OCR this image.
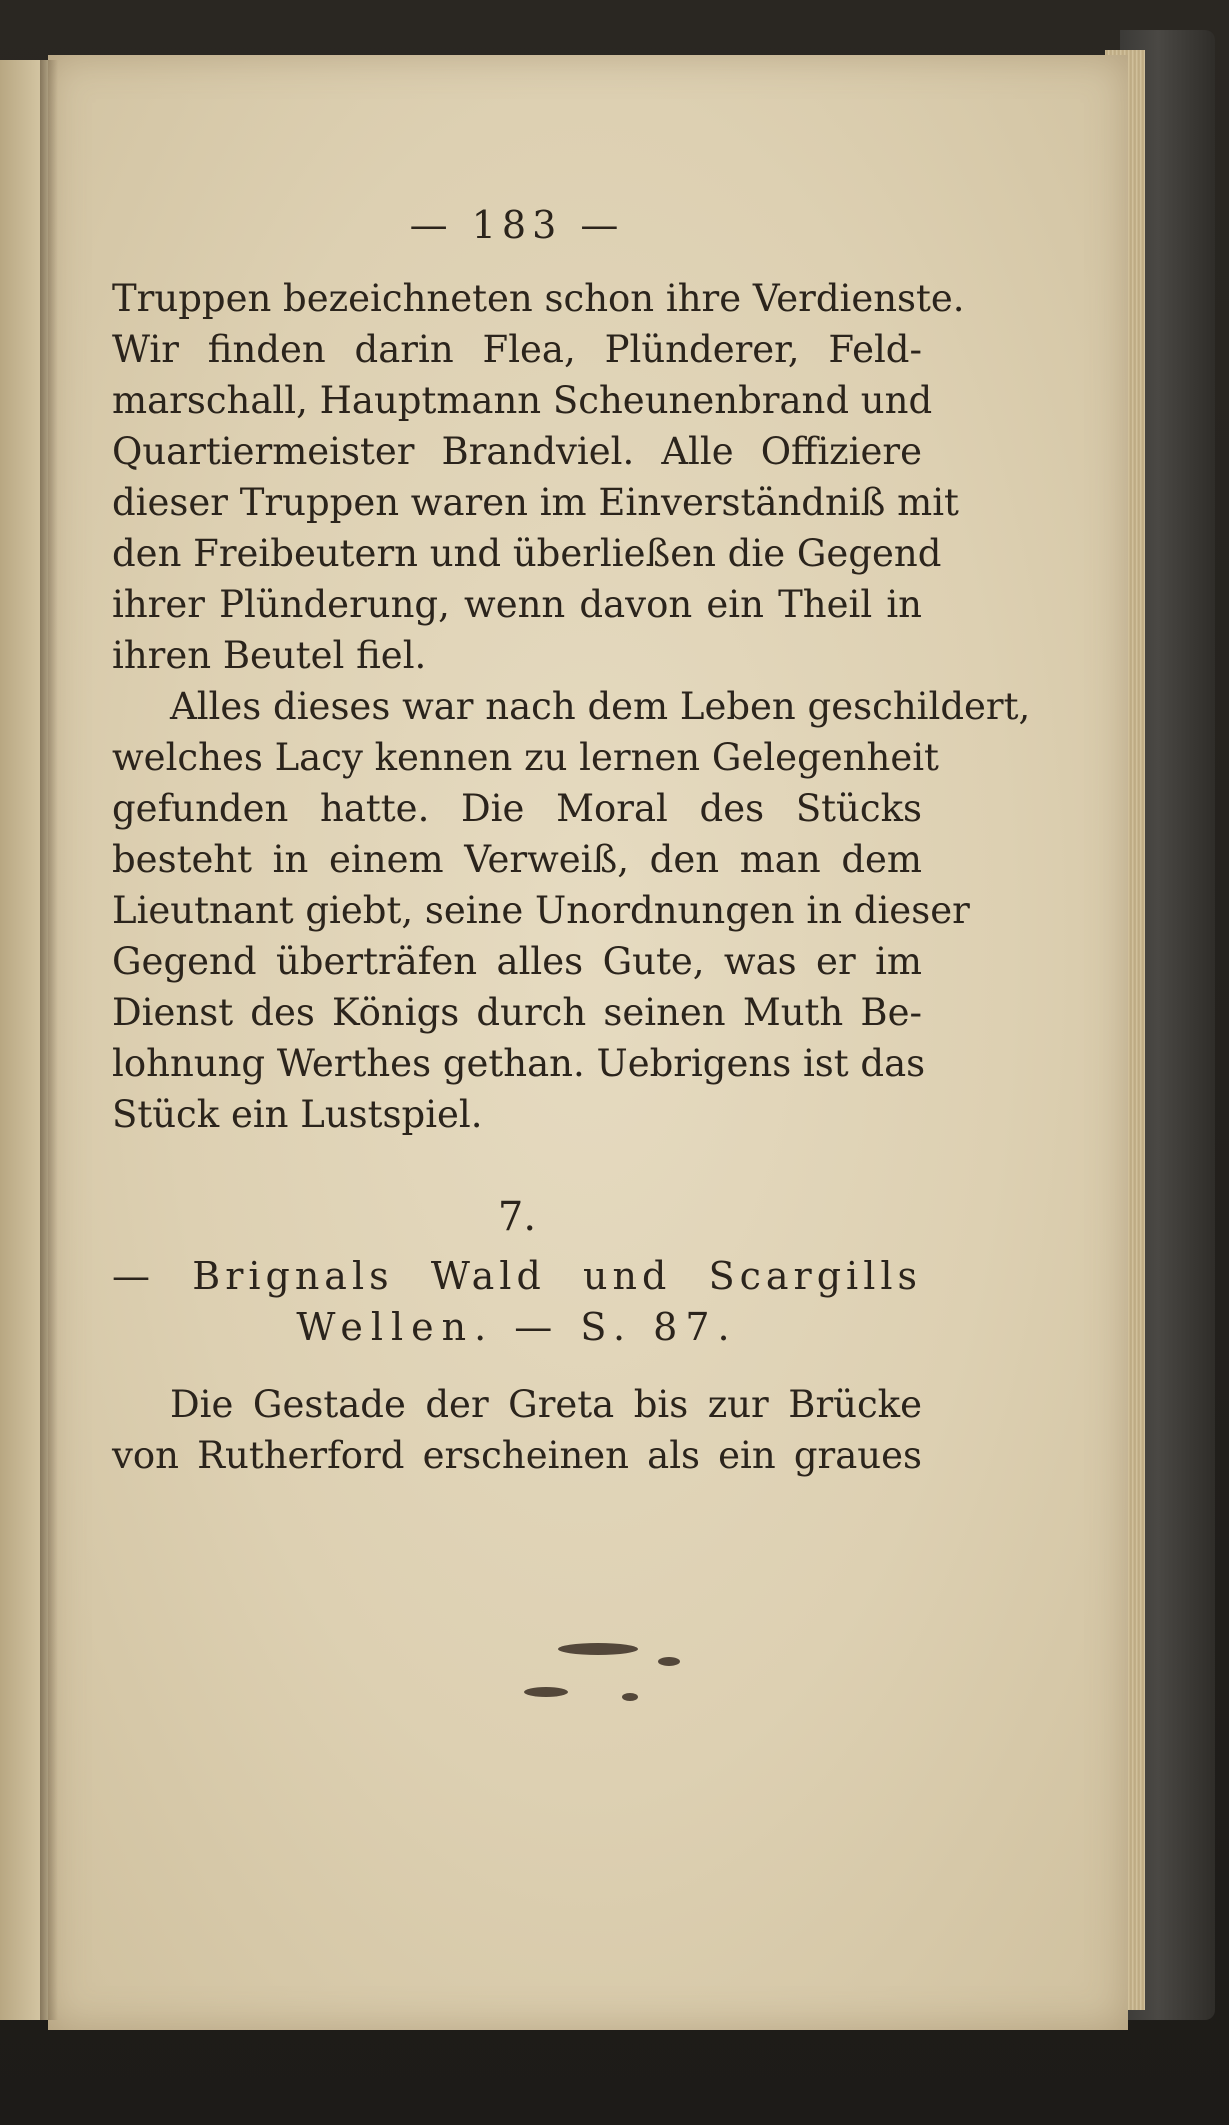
— 183 —
Truppen bezeichneten schon ihre Verdienste.
Wir finden darin Flea, Plünderer, Feld-
marschall, Hauptmann Scheunenbrand und
Quartiermeister Brandviel. Alle Offiziere
dieser Truppen waren im Einverständniß mit
den Freibeutern und überließen die Gegend
ihrer Plünderung, wenn davon ein Theil in
ihren Beutel fiel.
Alles dieses war nach dem Leben geschildert,
welches Lacy kennen zu lernen Gelegenheit
gefunden hatte. Die Moral des Stücks
besteht in einem Verweiß, den man dem
Lieutnant giebt, seine Unordnungen in dieser
Gegend überträfen alles Gute, was er im
Dienst des Königs durch seinen Muth Be-
lohnung Werthes gethan. Uebrigens ist das
Stück ein Lustspiel.
7.
— Brignals Wald und Scargills
Wellen. — S. 87.
Die Gestade der Greta bis zur Brücke
von Rutherford erscheinen als ein graues
